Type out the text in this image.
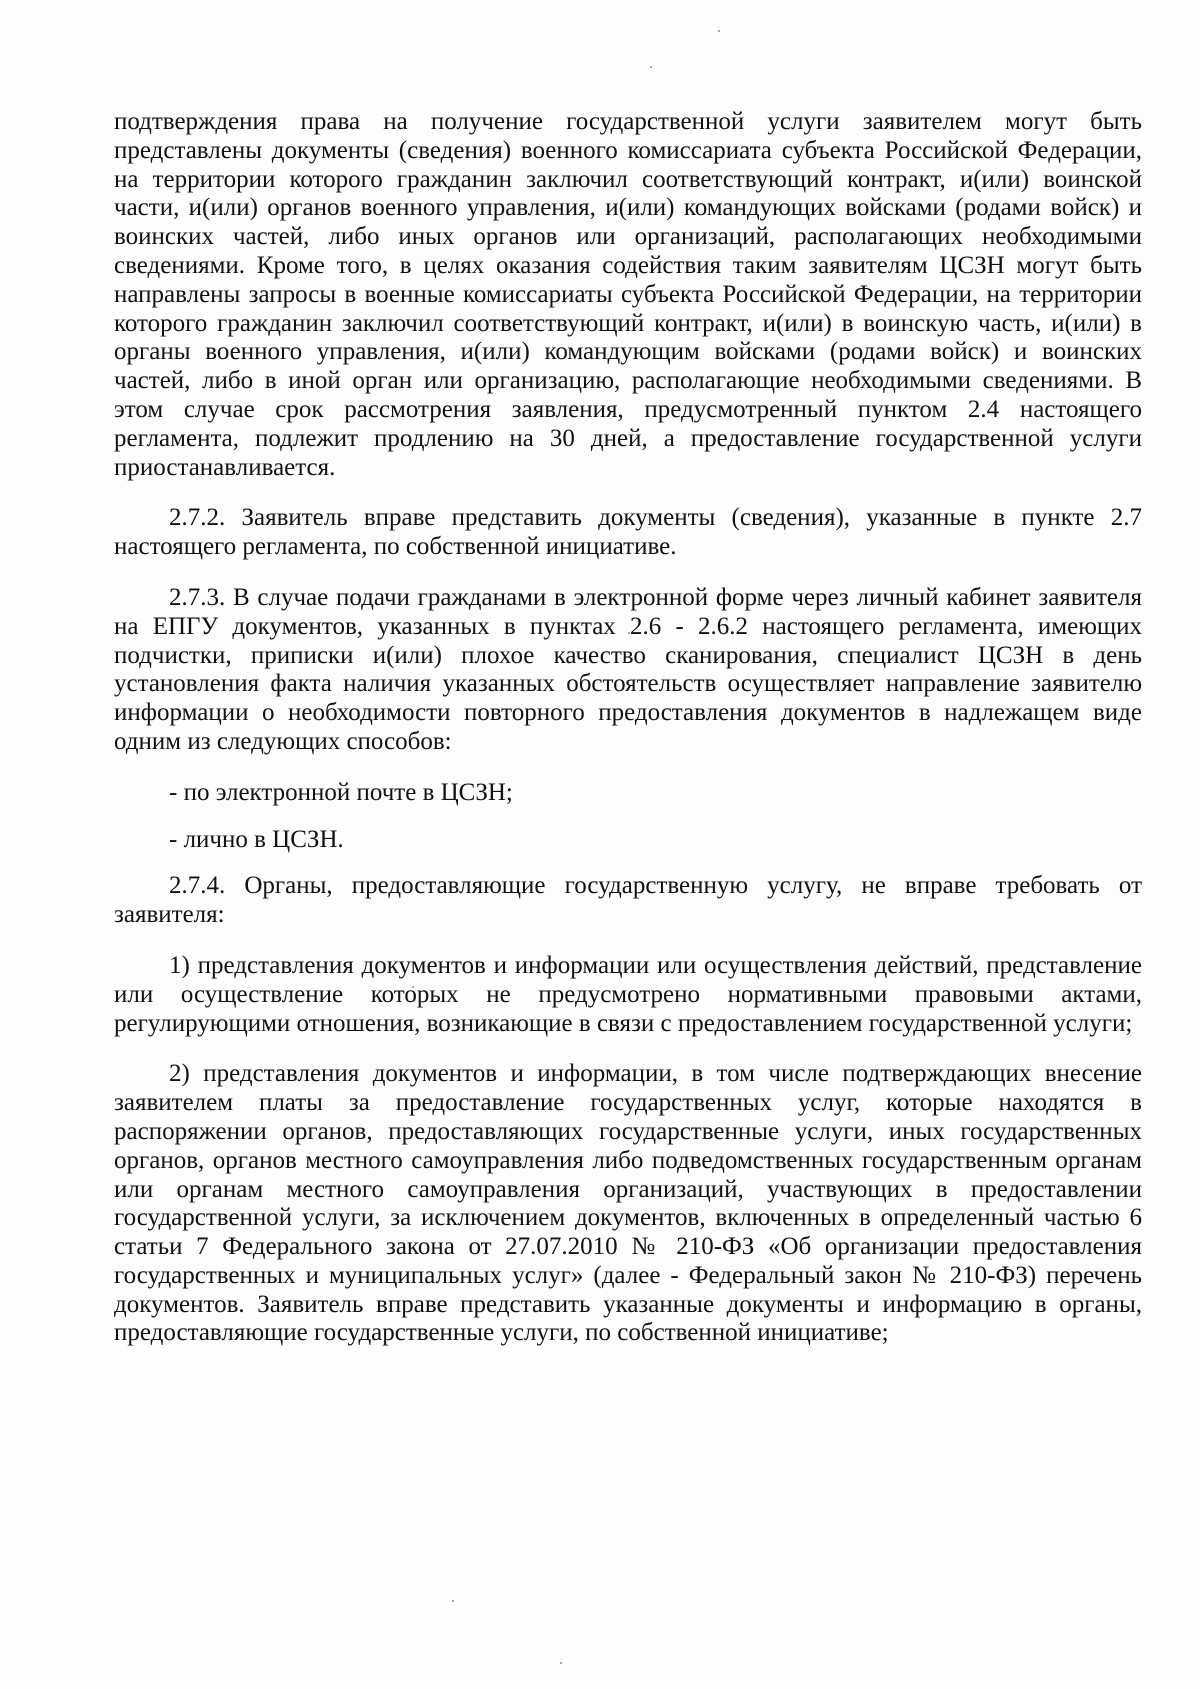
подтверждения права на получение государственной услуги заявителем могут быть представлены документы (сведения) военного комиссариата субъекта Российской Федерации, на территории которого гражданин заключил соответствующий контракт, и(или) воинской части, и(или) органов военного управления, и(или) командующих войсками (родами войск) и воинских частей, либо иных органов или организаций, располагающих необходимыми сведениями. Кроме того, в целях оказания содействия таким заявителям ЦСЗН могут быть направлены запросы в военные комиссариаты субъекта Российской Федерации, на территории которого гражданин заключил соответствующий контракт, и(или) в воинскую часть, и(или) в органы военного управления, и(или) командующим войсками (родами войск) и воинских частей, либо в иной орган или организацию, располагающие необходимыми сведениями. В этом случае срок рассмотрения заявления, предусмотренный пунктом 2.4 настоящего регламента, подлежит продлению на 30 дней, а предоставление государственной услуги приостанавливается.

2.7.2. Заявитель вправе представить документы (сведения), указанные в пункте 2.7 настоящего регламента, по собственной инициативе.

2.7.3. В случае подачи гражданами в электронной форме через личный кабинет заявителя на ЕПГУ документов, указанных в пунктах 2.6 - 2.6.2 настоящего регламента, имеющих подчистки, приписки и(или) плохое качество сканирования, специалист ЦСЗН в день установления факта наличия указанных обстоятельств осуществляет направление заявителю информации о необходимости повторного предоставления документов в надлежащем виде одним из следующих способов:

- по электронной почте в ЦСЗН;

- лично в ЦСЗН.

2.7.4. Органы, предоставляющие государственную услугу, не вправе требовать от заявителя:

1) представления документов и информации или осуществления действий, представление или осуществление которых не предусмотрено нормативными правовыми актами, регулирующими отношения, возникающие в связи с предоставлением государственной услуги;

2) представления документов и информации, в том числе подтверждающих внесение заявителем платы за предоставление государственных услуг, которые находятся в распоряжении органов, предоставляющих государственные услуги, иных государственных органов, органов местного самоуправления либо подведомственных государственным органам или органам местного самоуправления организаций, участвующих в предоставлении государственной услуги, за исключением документов, включенных в определенный частью 6 статьи 7 Федерального закона от 27.07.2010 № 210-ФЗ «Об организации предоставления государственных и муниципальных услуг» (далее - Федеральный закон № 210-ФЗ) перечень документов. Заявитель вправе представить указанные документы и информацию в органы, предоставляющие государственные услуги, по собственной инициативе;
